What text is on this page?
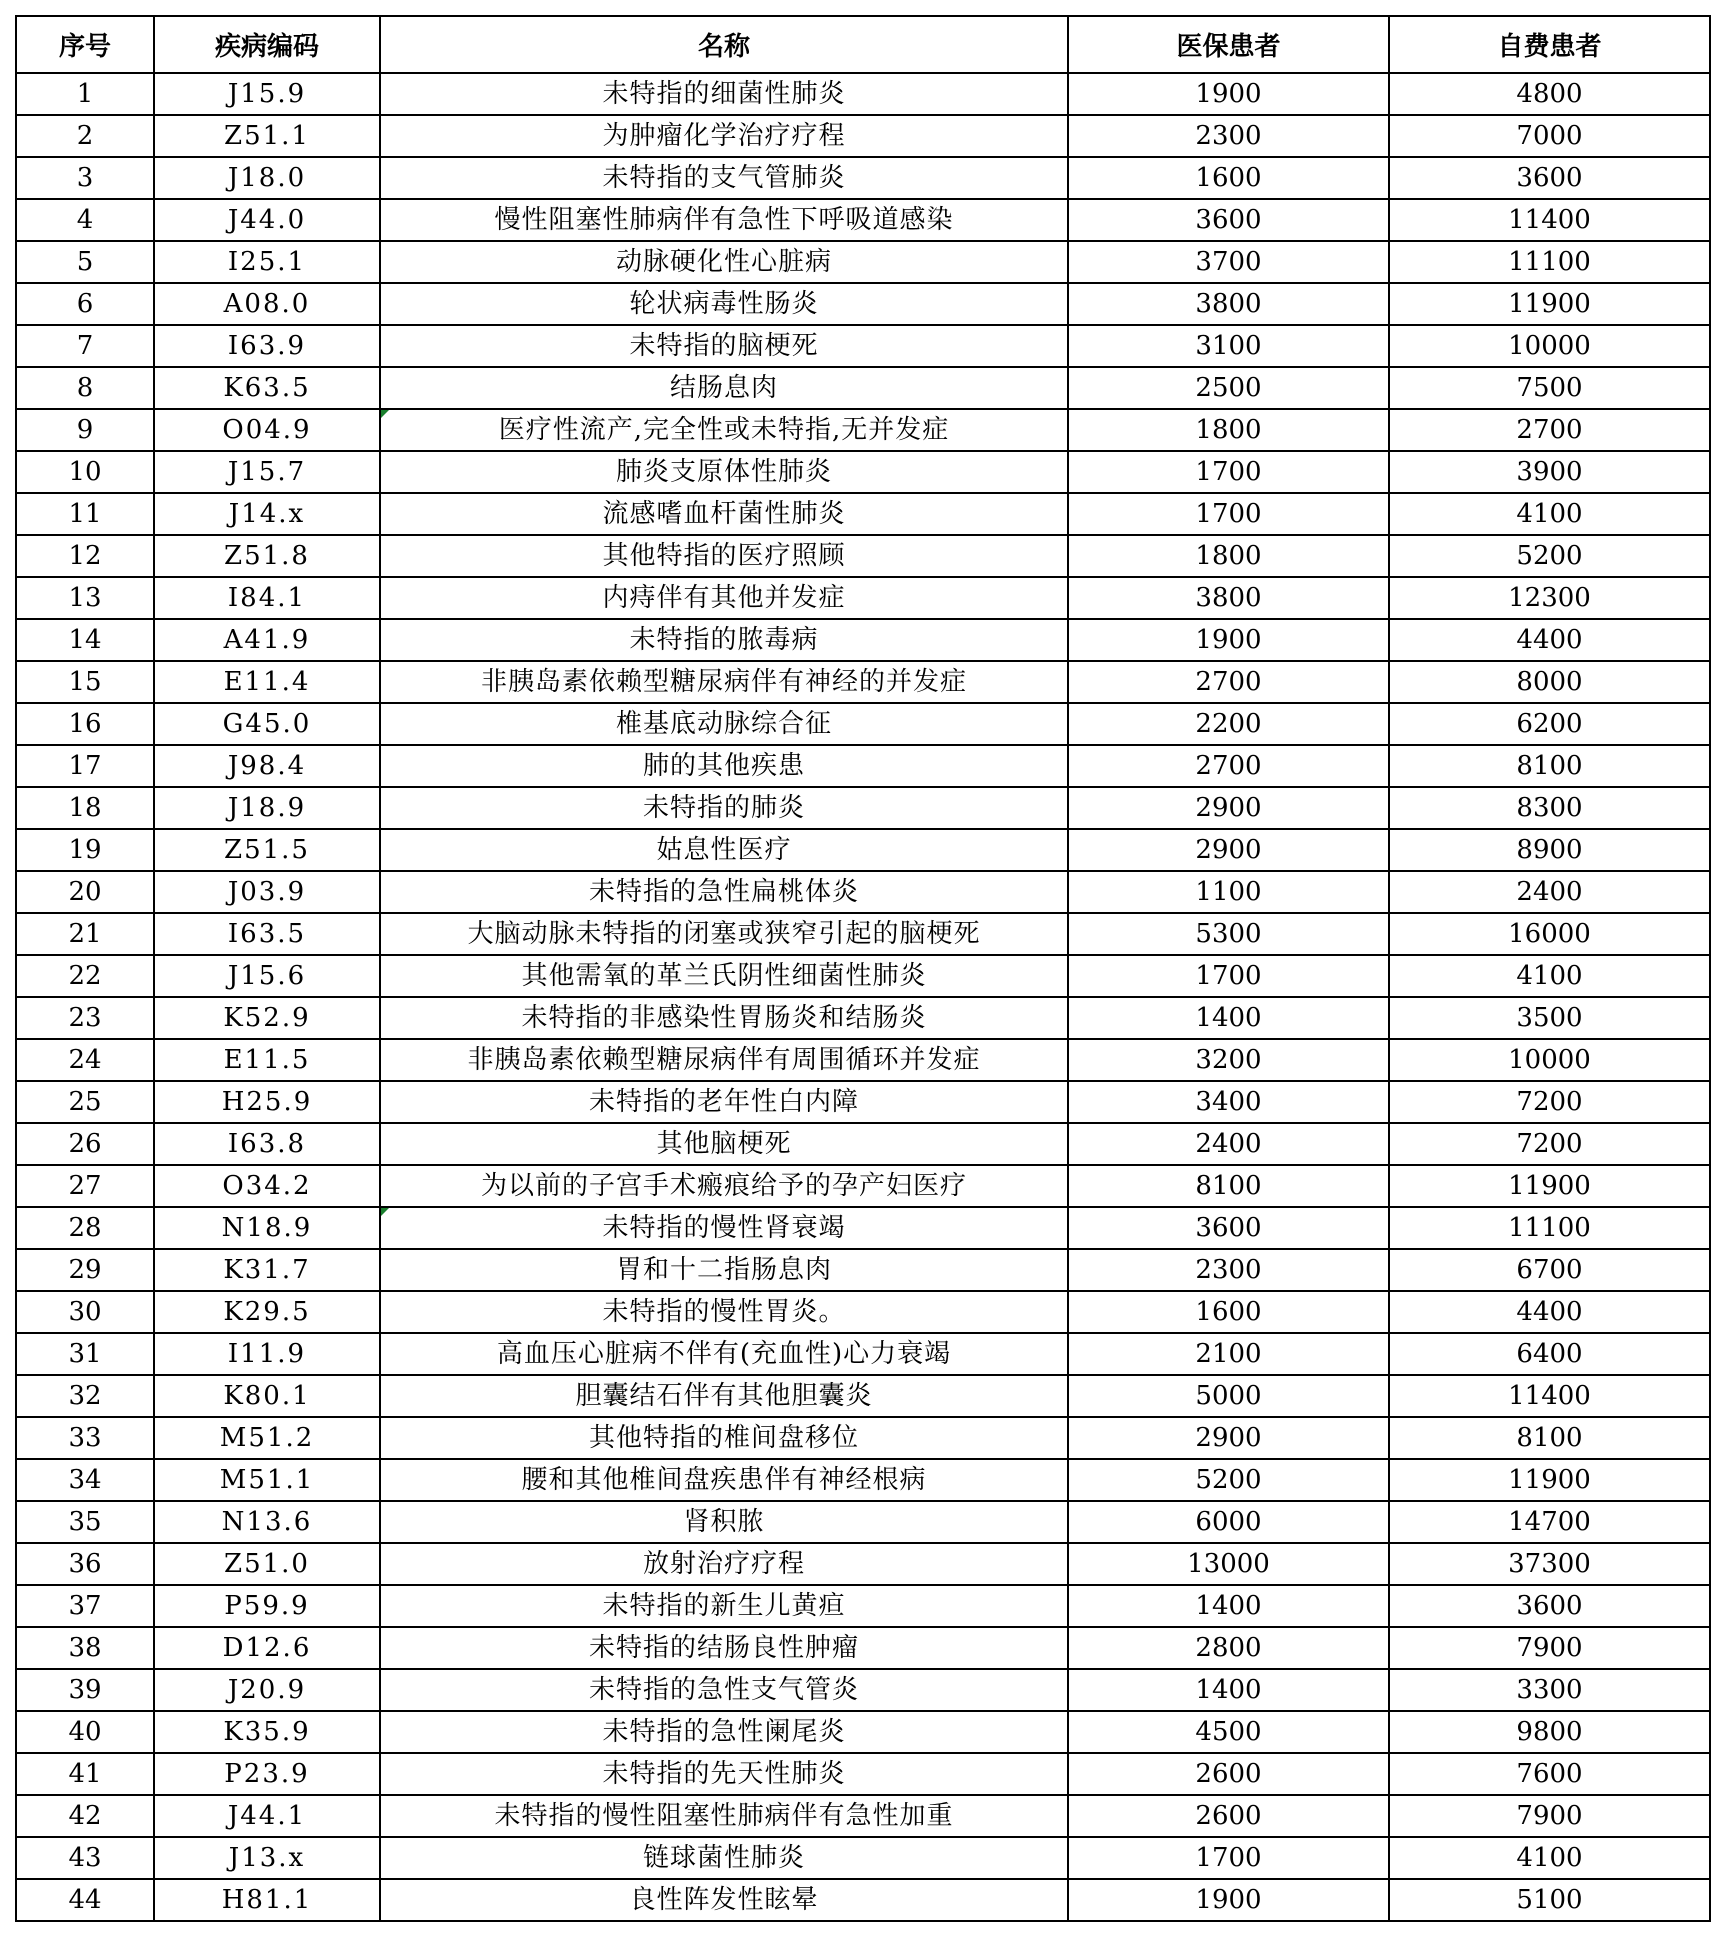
序号	疾病编码	名称	医保患者	自费患者
1	J15.9	未特指的细菌性肺炎	1900	4800
2	Z51.1	为肿瘤化学治疗疗程	2300	7000
3	J18.0	未特指的支气管肺炎	1600	3600
4	J44.0	慢性阻塞性肺病伴有急性下呼吸道感染	3600	11400
5	I25.1	动脉硬化性心脏病	3700	11100
6	A08.0	轮状病毒性肠炎	3800	11900
7	I63.9	未特指的脑梗死	3100	10000
8	K63.5	结肠息肉	2500	7500
9	O04.9	医疗性流产,完全性或未特指,无并发症	1800	2700
10	J15.7	肺炎支原体性肺炎	1700	3900
11	J14.x	流感嗜血杆菌性肺炎	1700	4100
12	Z51.8	其他特指的医疗照顾	1800	5200
13	I84.1	内痔伴有其他并发症	3800	12300
14	A41.9	未特指的脓毒病	1900	4400
15	E11.4	非胰岛素依赖型糖尿病伴有神经的并发症	2700	8000
16	G45.0	椎基底动脉综合征	2200	6200
17	J98.4	肺的其他疾患	2700	8100
18	J18.9	未特指的肺炎	2900	8300
19	Z51.5	姑息性医疗	2900	8900
20	J03.9	未特指的急性扁桃体炎	1100	2400
21	I63.5	大脑动脉未特指的闭塞或狭窄引起的脑梗死	5300	16000
22	J15.6	其他需氧的革兰氏阴性细菌性肺炎	1700	4100
23	K52.9	未特指的非感染性胃肠炎和结肠炎	1400	3500
24	E11.5	非胰岛素依赖型糖尿病伴有周围循环并发症	3200	10000
25	H25.9	未特指的老年性白内障	3400	7200
26	I63.8	其他脑梗死	2400	7200
27	O34.2	为以前的子宫手术瘢痕给予的孕产妇医疗	8100	11900
28	N18.9	未特指的慢性肾衰竭	3600	11100
29	K31.7	胃和十二指肠息肉	2300	6700
30	K29.5	未特指的慢性胃炎。	1600	4400
31	I11.9	高血压心脏病不伴有(充血性)心力衰竭	2100	6400
32	K80.1	胆囊结石伴有其他胆囊炎	5000	11400
33	M51.2	其他特指的椎间盘移位	2900	8100
34	M51.1	腰和其他椎间盘疾患伴有神经根病	5200	11900
35	N13.6	肾积脓	6000	14700
36	Z51.0	放射治疗疗程	13000	37300
37	P59.9	未特指的新生儿黄疸	1400	3600
38	D12.6	未特指的结肠良性肿瘤	2800	7900
39	J20.9	未特指的急性支气管炎	1400	3300
40	K35.9	未特指的急性阑尾炎	4500	9800
41	P23.9	未特指的先天性肺炎	2600	7600
42	J44.1	未特指的慢性阻塞性肺病伴有急性加重	2600	7900
43	J13.x	链球菌性肺炎	1700	4100
44	H81.1	良性阵发性眩晕	1900	5100
